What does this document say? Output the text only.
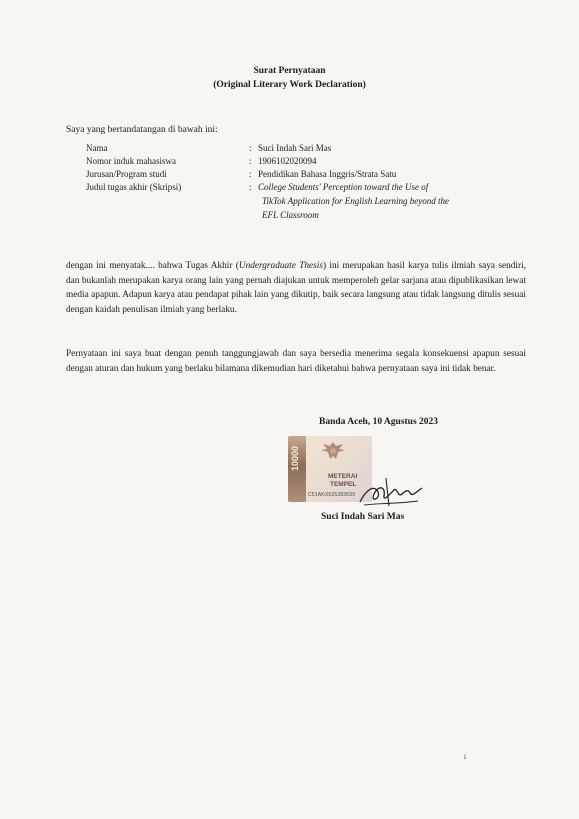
Surat Pernyataan
(Original Literary Work Declaration)
Saya yang bertandatangan di bawah ini:
Nama	: Suci Indah Sari Mas
Nomor induk mahasiswa	: 1906102020094
Jurusan/Program studi	: Pendidikan Bahasa Inggris/Strata Satu
Judul tugas akhir (Skripsi)	: College Students' Perception toward the Use of
TikTok Application for English Learning beyond the
EFL Classroom

dengan ini menyatak.... bahwa Tugas Akhir (Undergraduate Thesis) ini merupakan hasil karya tulis ilmiah saya sendiri, dan bukanlah merupakan karya orang lain yang pernah diajukan untuk memperoleh gelar sarjana atau dipublikasikan lewat media apapun. Adapun karya atau pendapat pihak lain yang dikutip, baik secara langsung atau tidak langsung ditulis sesuai dengan kaidah penulisan ilmiah yang berlaku.

Pernyataan ini saya buat dengan penuh tanggungjawab dan saya bersedia menerima segala konsekuensi apapun sesuai dengan aturan dan hukum yang berlaku bilamana dikemudian hari diketahui bahwa pernyataan saya ini tidak benar.

Banda Aceh, 10 Agustus 2023
10000
METERAI
TEMPEL
C51AKX525283639
Suci Indah Sari Mas
i
